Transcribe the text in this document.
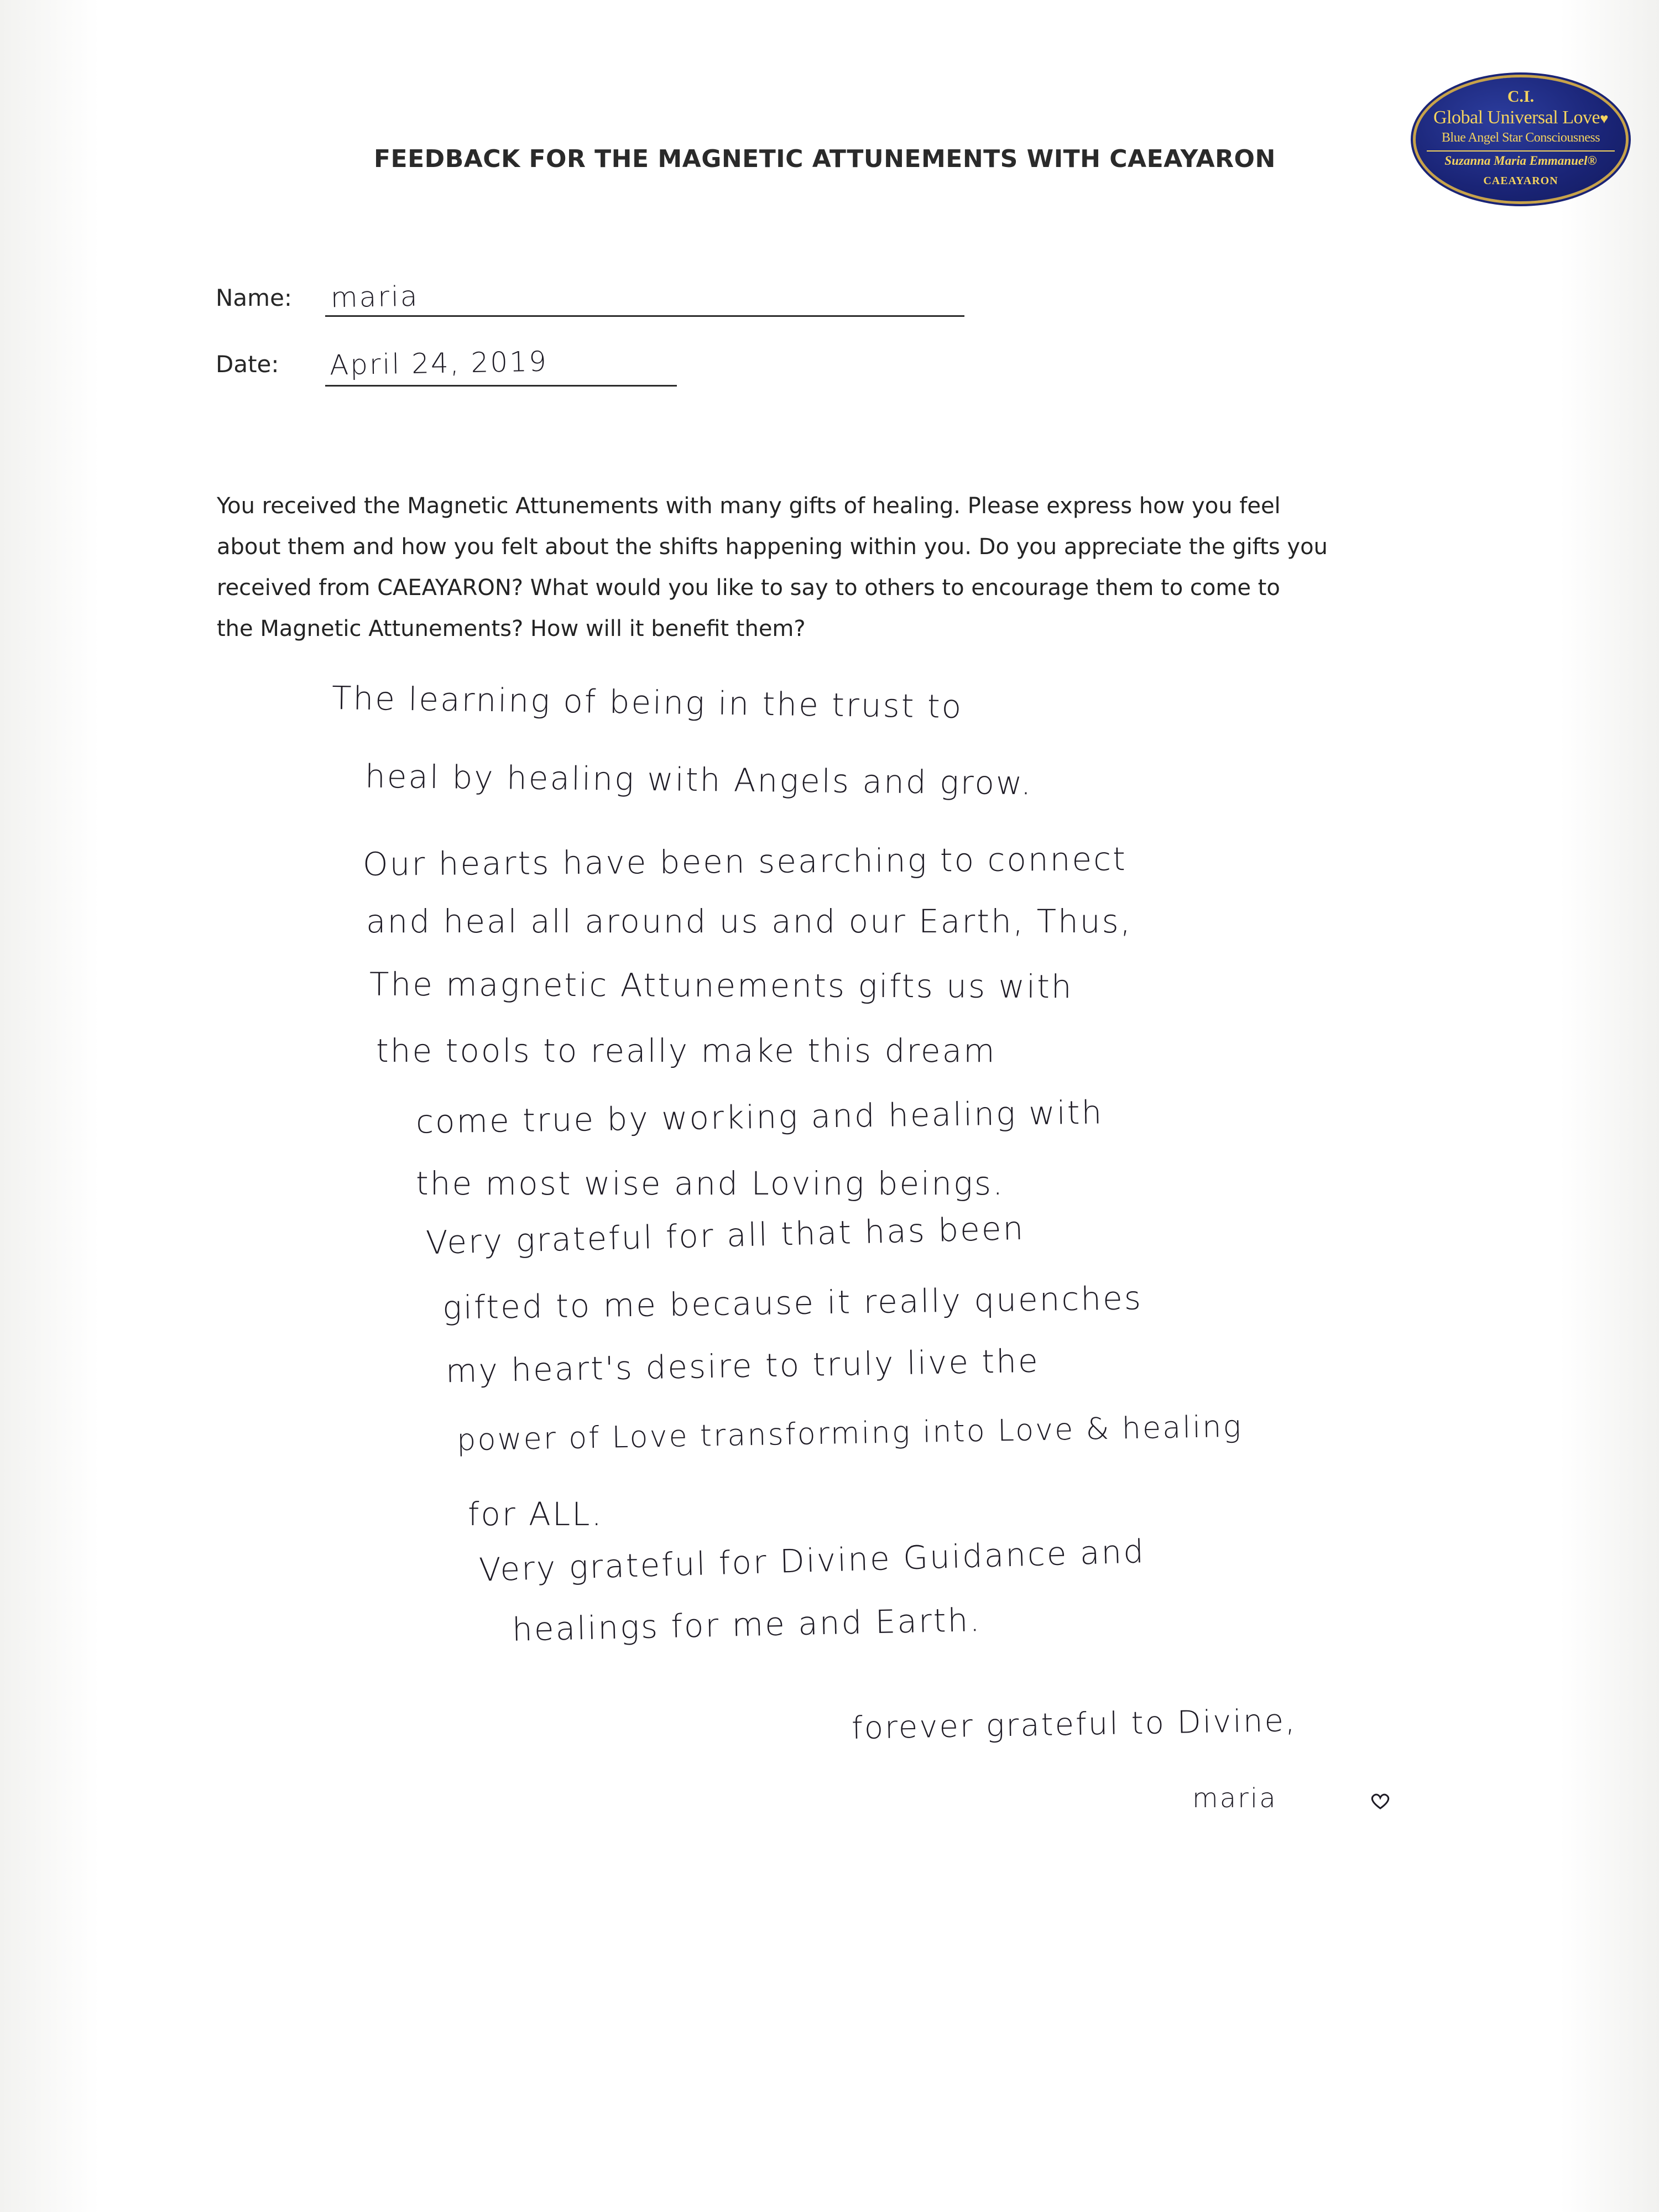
FEEDBACK FOR THE MAGNETIC ATTUNEMENTS WITH CAEAYARON
C.I.
Global Universal Love♥
Blue Angel Star Consciousness
Suzanna Maria Emmanuel®
CAEAYARON
Name: maria
Date: April 24, 2019
You received the Magnetic Attunements with many gifts of healing. Please express how you feel
about them and how you felt about the shifts happening within you. Do you appreciate the gifts you
received from CAEAYARON? What would you like to say to others to encourage them to come to
the Magnetic Attunements? How will it benefit them?
The learning of being in the trust to
heal by healing with Angels and grow.
Our hearts have been searching to connect
and heal all around us and our Earth, Thus,
The magnetic Attunements gifts us with
the tools to really make this dream
come true by working and healing with
the most wise and Loving beings.
Very grateful for all that has been
gifted to me because it really quenches
my heart's desire to truly live the
power of Love transforming into Love & healing
for ALL.
Very grateful for Divine Guidance and
healings for me and Earth.
forever grateful to Divine,
maria
